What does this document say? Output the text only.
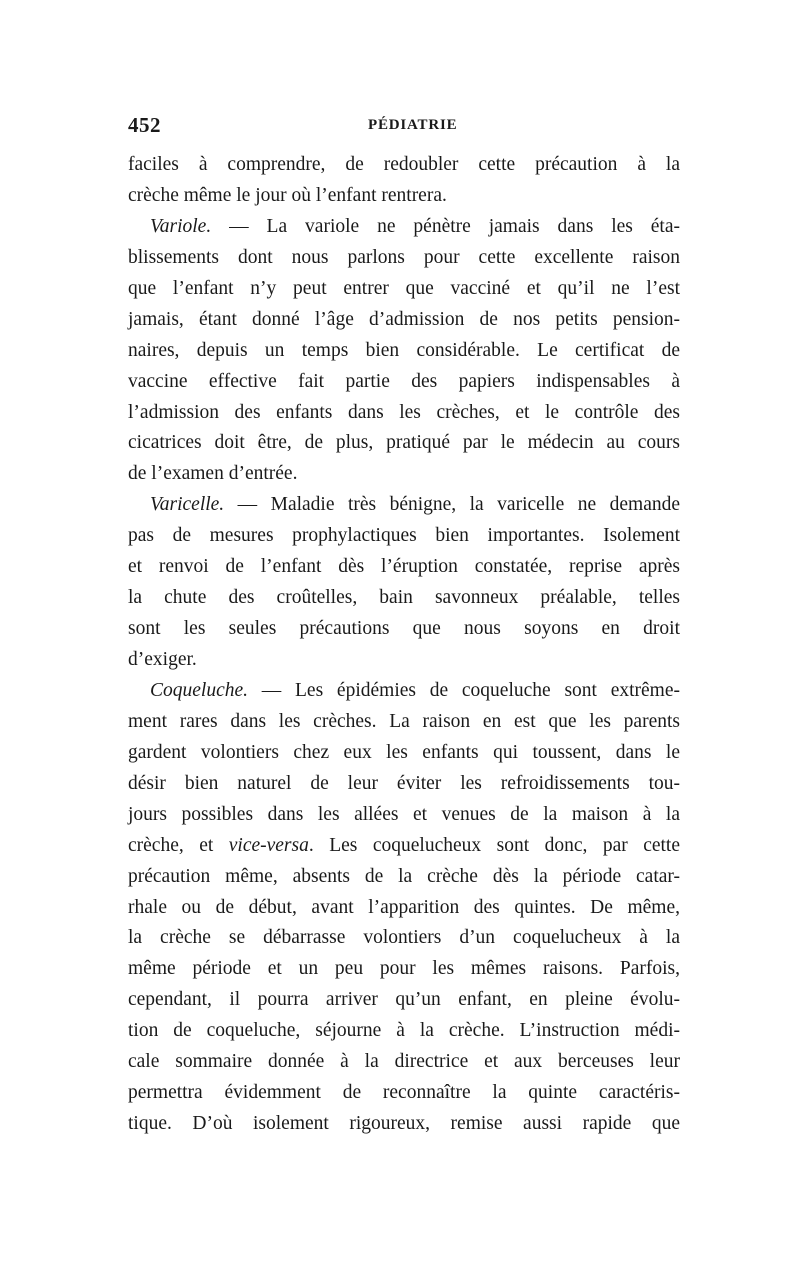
452	PÉDIATRIE
faciles à comprendre, de redoubler cette précaution à la
crèche même le jour où l’enfant rentrera.
Variole. — La variole ne pénètre jamais dans les éta-
blissements dont nous parlons pour cette excellente raison
que l’enfant n’y peut entrer que vacciné et qu’il ne l’est
jamais, étant donné l’âge d’admission de nos petits pension-
naires, depuis un temps bien considérable. Le certificat de
vaccine effective fait partie des papiers indispensables à
l’admission des enfants dans les crèches, et le contrôle des
cicatrices doit être, de plus, pratiqué par le médecin au cours
de l’examen d’entrée.
Varicelle. — Maladie très bénigne, la varicelle ne demande
pas de mesures prophylactiques bien importantes. Isolement
et renvoi de l’enfant dès l’éruption constatée, reprise après
la chute des croûtelles, bain savonneux préalable, telles
sont les seules précautions que nous soyons en droit
d’exiger.
Coqueluche. — Les épidémies de coqueluche sont extrême-
ment rares dans les crèches. La raison en est que les parents
gardent volontiers chez eux les enfants qui toussent, dans le
désir bien naturel de leur éviter les refroidissements tou-
jours possibles dans les allées et venues de la maison à la
crèche, et vice-versa. Les coquelucheux sont donc, par cette
précaution même, absents de la crèche dès la période catar-
rhale ou de début, avant l’apparition des quintes. De même,
la crèche se débarrasse volontiers d’un coquelucheux à la
même période et un peu pour les mêmes raisons. Parfois,
cependant, il pourra arriver qu’un enfant, en pleine évolu-
tion de coqueluche, séjourne à la crèche. L’instruction médi-
cale sommaire donnée à la directrice et aux berceuses leur
permettra évidemment de reconnaître la quinte caractéris-
tique. D’où isolement rigoureux, remise aussi rapide que
